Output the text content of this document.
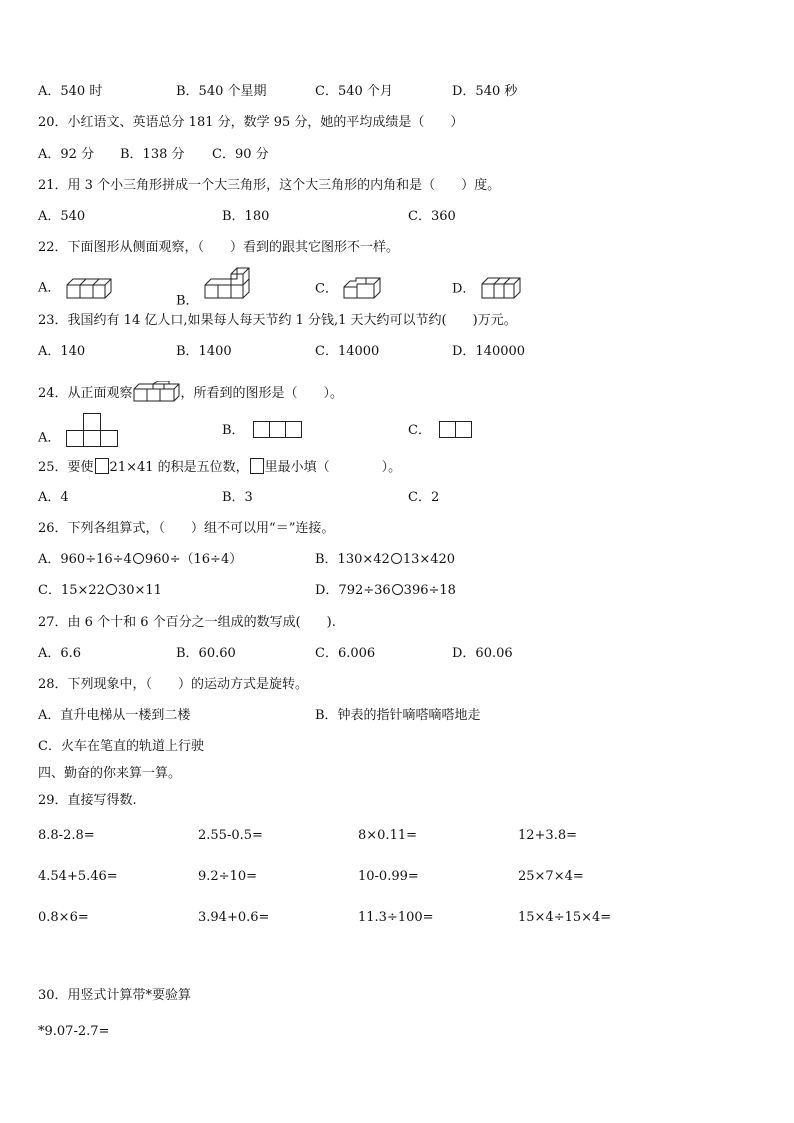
A．540 时	B．540 个星期	C．540 个月	D．540 秒
20．小红语文、英语总分 181 分，数学 95 分，她的平均成绩是（　　）
A．92 分 B．138 分 C．90 分
21．用 3 个小三角形拼成一个大三角形，这个大三角形的内角和是（　　）度。
A．540	B．180	C．360
22．下面图形从侧面观察，（　　）看到的跟其它图形不一样。
A．
B．
C．	D．
23．我国约有 14 亿人口,如果每人每天节约 1 分钱,1 天大约可以节约(　　)万元。
A．140	B．1400	C．14000	D．140000
24．从正面观察	，所看到的图形是（　　）。
A．	B．	C．
25．要使 21×41 的积是五位数， 里最小填（　　　　）。
A．4	B．3	C．2
26．下列各组算式，（　　）组不可以用“＝”连接。
A．960÷16÷4 960÷（16÷4）	B．130×42 13×420
C．15×22 30×11	D．792÷36 396÷18
27．由 6 个十和 6 个百分之一组成的数写成(　　).
A．6.6	B．60.60	C．6.006	D．60.06
28．下列现象中，（　　）的运动方式是旋转。
A．直升电梯从一楼到二楼	B．钟表的指针嘀嗒嘀嗒地走
C．火车在笔直的轨道上行驶
四、勤奋的你来算一算。
29．直接写得数.
8.8-2.8=	2.55-0.5=	8×0.11=	12+3.8=
4.54+5.46=	9.2÷10=	10-0.99=	25×7×4=
0.8×6=	3.94+0.6=	11.3÷100=	15×4÷15×4=
30．用竖式计算带*要验算
*9.07-2.7=
